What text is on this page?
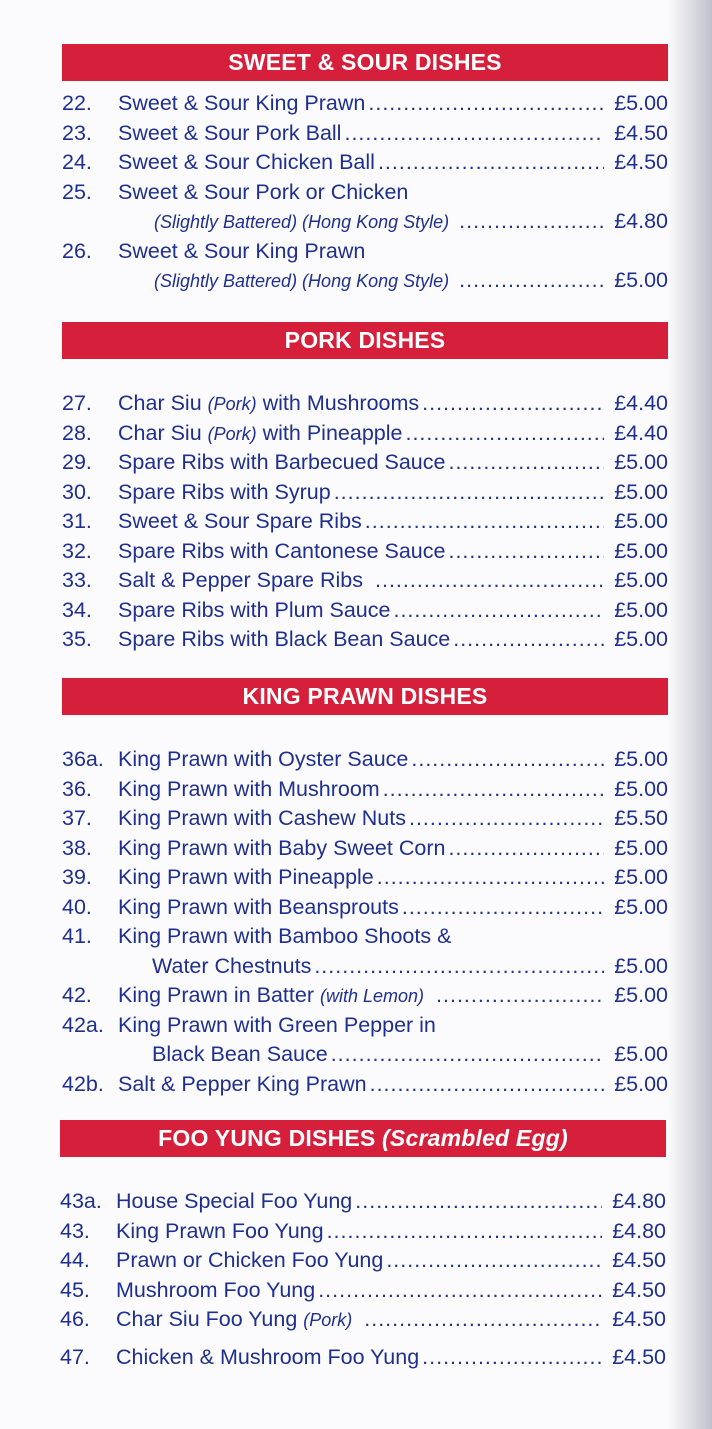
SWEET & SOUR DISHES
22.	Sweet & Sour King Prawn .....	£5.00
23.	Sweet & Sour Pork Ball .....	£4.50
24.	Sweet & Sour Chicken Ball .....	£4.50
25.	Sweet & Sour Pork or Chicken
(Slightly Battered) (Hong Kong Style) .....	£4.80
26.	Sweet & Sour King Prawn
(Slightly Battered) (Hong Kong Style) .....	£5.00
PORK DISHES
27.	Char Siu (Pork) with Mushrooms .....	£4.40
28.	Char Siu (Pork) with Pineapple .....	£4.40
29.	Spare Ribs with Barbecued Sauce .....	£5.00
30.	Spare Ribs with Syrup .....	£5.00
31.	Sweet & Sour Spare Ribs .....	£5.00
32.	Spare Ribs with Cantonese Sauce .....	£5.00
33.	Salt & Pepper Spare Ribs .....	£5.00
34.	Spare Ribs with Plum Sauce .....	£5.00
35.	Spare Ribs with Black Bean Sauce .....	£5.00
KING PRAWN DISHES
36a. King Prawn with Oyster Sauce .....	£5.00
36.	King Prawn with Mushroom .....	£5.00
37.	King Prawn with Cashew Nuts .....	£5.50
38.	King Prawn with Baby Sweet Corn .....	£5.00
39.	King Prawn with Pineapple .....	£5.00
40.	King Prawn with Beansprouts .....	£5.00
41.	King Prawn with Bamboo Shoots &
Water Chestnuts .....	£5.00
42.	King Prawn in Batter (with Lemon) .....	£5.00
42a. King Prawn with Green Pepper in
Black Bean Sauce .....	£5.00
42b. Salt & Pepper King Prawn .....	£5.00
FOO YUNG DISHES (Scrambled Egg)
43a. House Special Foo Yung .....	£4.80
43.	King Prawn Foo Yung .....	£4.80
44.	Prawn or Chicken Foo Yung .....	£4.50
45.	Mushroom Foo Yung .....	£4.50
46.	Char Siu Foo Yung (Pork) .....	£4.50
47.	Chicken & Mushroom Foo Yung .....	£4.50
